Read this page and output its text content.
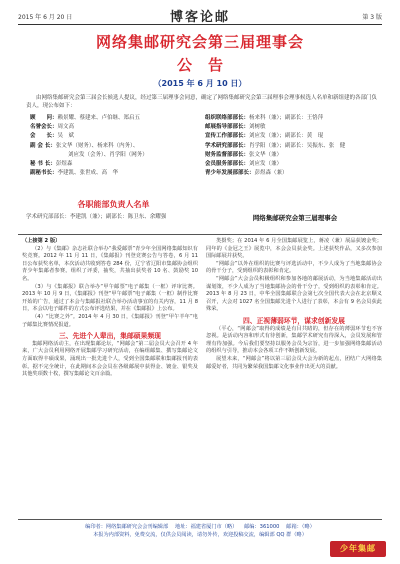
2015 年 6 月 20 日	博客论邮	第 3 版
网络集邮研究会第三届理事会
公告
（2015 年 6 月 10 日）
由网络集邮研究会第三届会长候选人提议，经过第三届理事会同意，确定了网络集邮研究会第三届理事会理事候选人名单和新组建的各部门负责人，现公布如下：
顾　　问：赖景耀、蔡建来、卢伯继、郑启五
名誉会长：周文高
会　　长：吴　斌
副 会 长：张文华（财务）、杨来科（内务）、
刘应发（会务）、肖学阳（网务）
秘 书 长：彭煜森
副秘书长：李建凯、张世成、高　华
组织联络部部长：杨来科（兼）；副部长：王恪萍
邮展指导部部长：刘树敏
宣传工作部部长：刘应发（兼）；副部长：黄　琨
学术研究部部长：肖学阳（兼）；副部长：吴振东、张　健
财务监督部部长：张文华（兼）
会员服务部部长：刘应发（兼）
青少年发展部部长：彭煜森（兼）
各职能部负责人名单
学术研究部部长：李建凯（兼）；副部长：陈卫东、余耀强	网络集邮研究会第三届理事会

（上接第 2 版）

（2）与《集邮》杂志社联合举办“我爱邮票”青少年全国网络集邮知识有奖竞赛。2012 年 11 月 11 日，《集邮报》刊登竞赛公告与答卷，6 月 11 日公布获奖名单，本次活动共收到答卷 284 份，辽宁省辽阳市集邮协会组织青少年集邮者参赛。组织了评委，抽奖，共抽出获奖者 10 名、鼓励奖 10 名。

（3）与《集邮报》联合举办“甲午邮票”电子邮集（一框）评审比赛。2013 年 10 月 9 日，《集邮报》刊登“甲午邮票”电子邮集（一框）制作比赛开始的广告，通过了本会与集邮报社联合举办活动事宜的有关内容，11 月 8 日，本会以电子邮件的方式公布评选结果，并在《集邮报》上公布。

（4）“比赛之外”。2014 年 4 月 30 日，《集邮报》刊登“甲午羊年”电子邮集比赛情况报道。

三、先进个人辈出，集邮硕果频现

集邮网络活动主，在出现集邮论坛，“网邮会”第二届会员大会召开 4 年来，广大会员利用网络开展集邮学习研究活动，在编组邮集、撰写集邮论文方面取得丰硕成果，涌现出一批先进个人，受到全国集邮联和集邮报刊的表彰。据不完全统计，在此期间本会会员在各级邮展中获得金、镀金、银奖及其他奖项数十枚，撰写集邮论文百余篇。

类摄奖；在 2014 年 6 月全国集邮展览上，蒋凌（兼）展品获镀金奖；同年的《金冠之王》展览中，本会会员获金奖。上述获奖作品，又多次参加国际邮展并获奖。

“网邮会”以外在组织的比赛与评选活动中，不少人成为了当地集邮协会的骨干分子，受到组织的表彰和肯定。

“网邮会”大会会员积极组织和参加各地的邮展活动，为当地集邮活动出谋划策，不少人成为了当地集邮协会的骨干分子，受到组织的表彰和肯定。2013 年 8 月 23 日，中华全国集邮联合会第七次全国代表大会在北京顺义召开，大会对 1027 名全国集邮先进个人进行了表彰，本会有 9 名会员获此殊荣。

四、正视薄弱环节，谋求创新发展

（平心，“网邮会”取得的成绩是有目共睹的，但存在的薄弱环节也不容忽视。是活动内容和形式有待创新，集邮学术研究有待深入，会员发展和管理有待加强。今后我们要坚持以服务会员为宗旨，进一步加强网络集邮活动的组织与引导，推动本会各项工作不断创新发展。

展望未来，“网邮会”将以第三届会员大会为新的起点，团结广大网络集邮爱好者，共同为繁荣我国集邮文化事业作出更大的贡献。

编印者：网络集邮研究会会刊编辑部 　地址：福建省厦门市（略） 　邮编：361000 　邮箱：（略）
本报为内部资料，免费交流，仅供会员阅读，请勿外传，欢迎投稿交流，编辑部 QQ 群（略）
少年集邮
